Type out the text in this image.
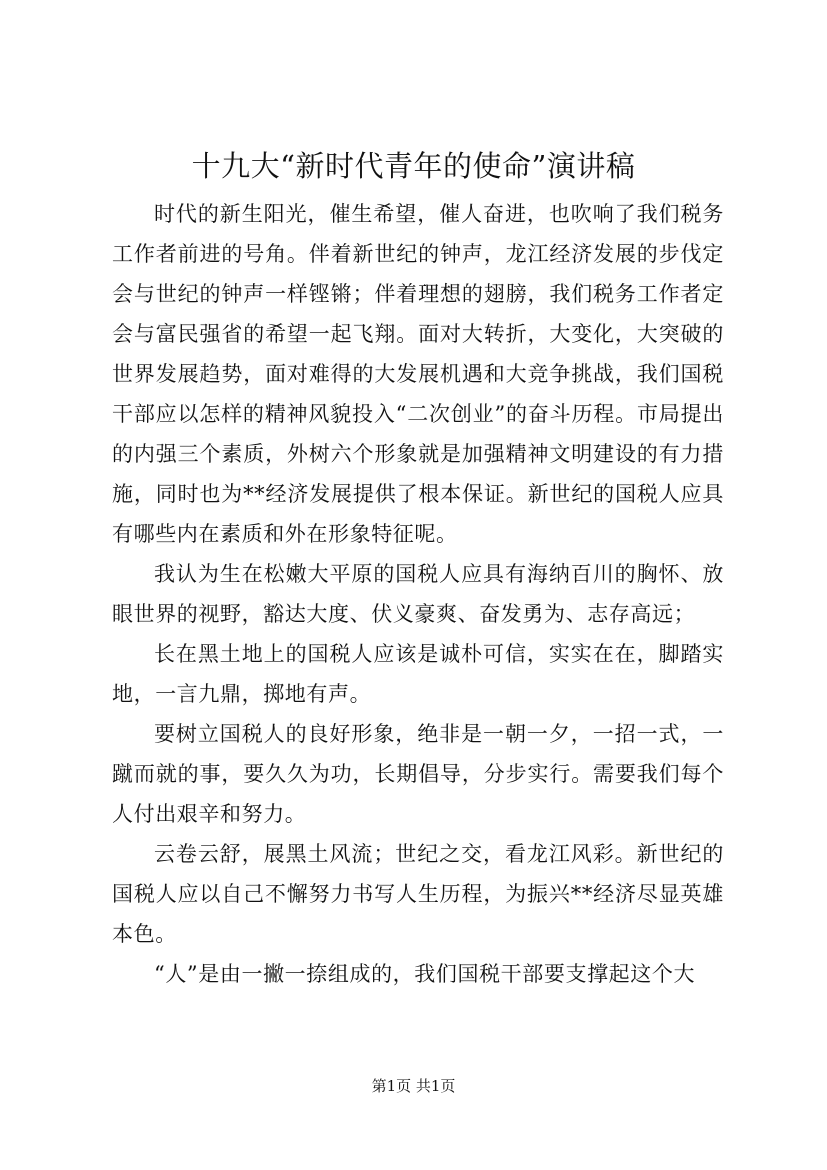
十九大“新时代青年的使命”演讲稿

时代的新生阳光，催生希望，催人奋进，也吹响了我们税务工作者前进的号角。伴着新世纪的钟声，龙江经济发展的步伐定会与世纪的钟声一样铿锵；伴着理想的翅膀，我们税务工作者定会与富民强省的希望一起飞翔。面对大转折，大变化，大突破的世界发展趋势，面对难得的大发展机遇和大竞争挑战，我们国税干部应以怎样的精神风貌投入“二次创业”的奋斗历程。市局提出的内强三个素质，外树六个形象就是加强精神文明建设的有力措施，同时也为**经济发展提供了根本保证。新世纪的国税人应具有哪些内在素质和外在形象特征呢。

我认为生在松嫩大平原的国税人应具有海纳百川的胸怀、放眼世界的视野，豁达大度、伏义豪爽、奋发勇为、志存高远；

长在黑土地上的国税人应该是诚朴可信，实实在在，脚踏实地，一言九鼎，掷地有声。

要树立国税人的良好形象，绝非是一朝一夕，一招一式，一蹴而就的事，要久久为功，长期倡导，分步实行。需要我们每个人付出艰辛和努力。

云卷云舒，展黑土风流；世纪之交，看龙江风彩。新世纪的国税人应以自己不懈努力书写人生历程，为振兴**经济尽显英雄本色。

“人”是由一撇一捺组成的，我们国税干部要支撑起这个大

第1页 共1页
